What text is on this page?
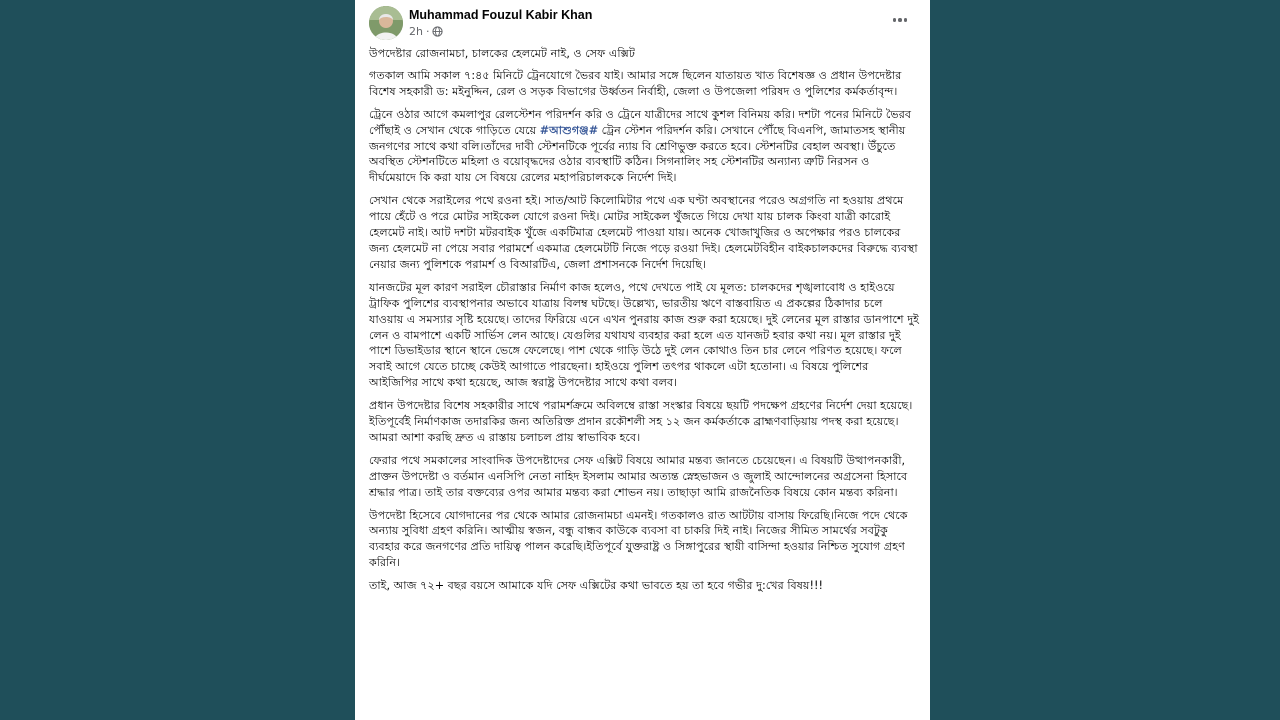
Muhammad Fouzul Kabir Khan
2h ·

উপদেষ্টার রোজনামচা, চালকের হেলমেট নাই, ও সেফ এক্সিট

গতকাল আমি সকাল ৭:৪৫ মিনিটে ট্রেনযোগে ভৈরব যাই। আমার সঙ্গে ছিলেন যাতায়ত খাত বিশেষজ্ঞ ও প্রধান উপদেষ্টার বিশেষ সহকারী ড: মইনুদ্দিন, রেল ও সড়ক বিভাগের উর্ধ্বতন নির্বাহী, জেলা ও উপজেলা পরিষদ ও পুলিশের কর্মকর্তাবৃন্দ।

ট্রেনে ওঠার আগে কমলাপুর রেলস্টেশন পরিদর্শন করি ও ট্রেনে যাত্রীদের সাথে কুশল বিনিময় করি। দশটা পনের মিনিটে ভৈরব পৌঁছাই ও সেখান থেকে গাড়িতে যেয়ে #আশুগঞ্জ# ট্রেন স্টেশন পরিদর্শন করি। সেখানে পৌঁছে বিএনপি, জামাতসহ স্থানীয় জনগণের সাথে কথা বলি।তাঁদের দাবী স্টেশনটিকে পূর্বের ন্যায় বি শ্রেণিভুক্ত করতে হবে। স্টেশনটির বেহাল অবস্থা। উঁচুতে অবস্থিত স্টেশনটিতে মহিলা ও বয়োবৃদ্ধদের ওঠার ব্যবস্থাটি কঠিন। সিগনালিং সহ স্টেশনটির অন্যান্য ত্রুটি নিরসন ও দীর্ঘমেয়াদে কি করা যায় সে বিষয়ে রেলের মহাপরিচালককে নির্দেশ দিই।

সেখান থেকে সরাইলের পথে রওনা হই। সাত/আট কিলোমিটার পথে এক ঘণ্টা অবস্থানের পরেও অগ্রগতি না হওয়ায় প্রথমে পায়ে হেঁটে ও পরে মোটর সাইকেল যোগে রওনা দিই। মোটর সাইকেল খুঁজতে গিয়ে দেখা যায় চালক কিংবা যাত্রী কারোই হেলমেট নাই। আট দশটা মটরবাইক খুঁজে একটিমাত্র হেলমেট পাওয়া যায়। অনেক খোজাখুজির ও অপেক্ষার পরও চালকের জন্য হেলমেট না পেয়ে সবার পরামর্শে একমাত্র হেলমেটটি নিজে পড়ে রওয়া দিই। হেলমেটবিহীন বাইকচালকদের বিরুদ্ধে ব্যবস্থা নেয়ার জন্য পুলিশকে পরামর্শ ও বিআরটিএ, জেলা প্রশাসনকে নির্দেশ দিয়েছি।

যানজটের মূল কারণ সরাইল চৌরাস্তার নির্মাণ কাজ হলেও, পথে দেখতে পাই যে মূলত: চালকদের শৃঙ্খলাবোধ ও হাইওয়ে ট্রাফিক পুলিশের ব্যবস্থাপনার অভাবে যাত্রায় বিলম্ব ঘটছে। উল্লেখ্য, ভারতীয় ঋণে বাস্তবায়িত এ প্রকল্পের ঠিকাদার চলে যাওয়ায় এ সমস্যার সৃষ্টি হয়েছে। তাদের ফিরিয়ে এনে এখন পুনরায় কাজ শুরু করা হয়েছে। দুই লেনের মূল রাস্তার ডানপাশে দুই লেন ও বামপাশে একটি সার্ভিস লেন আছে। যেগুলির যথাযথ ব্যবহার করা হলে এত যানজট হবার কথা নয়। মূল রাস্তার দুই পাশে ডিভাইডার স্থানে স্থানে ভেঙ্গে ফেলেছে। পাশ থেকে গাড়ি উঠে দুই লেন কোথাও তিন চার লেনে পরিণত হয়েছে। ফলে সবাই আগে যেতে চাচ্ছে কেউই আগাতে পারছেনা। হাইওয়ে পুলিশ তৎপর থাকলে এটা হতোনা। এ বিষয়ে পুলিশের আইজিপির সাথে কথা হয়েছে, আজ স্বরাষ্ট্র উপদেষ্টার সাথে কথা বলব।

প্রধান উপদেষ্টার বিশেষ সহকারীর সাথে পরামর্শক্রমে অবিলম্বে রাস্তা সংস্কার বিষয়ে ছয়টি পদক্ষেপ গ্রহণের নির্দেশ দেয়া হয়েছে। ইতিপূর্বেই নির্মাণকাজ তদারকির জন্য অতিরিক্ত প্রদান রকৌশলী সহ ১২ জন কর্মকর্তাকে ব্রাহ্মণবাড়িয়ায় পদস্থ করা হয়েছে। আমরা আশা করছি দ্রুত এ রাস্তায় চলাচল প্রায় স্বাভাবিক হবে।

ফেরার পথে সমকালের সাংবাদিক উপদেষ্টাদের সেফ এক্সিট বিষয়ে আমার মন্তব্য জানতে চেয়েছেন। এ বিষয়টি উত্থাপনকারী, প্রাক্তন উপদেষ্টা ও বর্তমান এনসিপি নেতা নাহিদ ইসলাম আমার অত্যন্ত স্নেহভাজন ও জুলাই আন্দোলনের অগ্রসেনা হিসাবে শ্রদ্ধার পাত্র। তাই তার বক্তব্যের ওপর আমার মন্তব্য করা শোভন নয়। তাছাড়া আমি রাজনৈতিক বিষয়ে কোন মন্তব্য করিনা।

উপদেষ্টা হিসেবে যোগদানের পর থেকে আমার রোজনামচা এমনই। গতকালও রাত আটটায় বাসায় ফিরেছি।নিজে পদে থেকে অন্যায় সুবিধা গ্রহণ করিনি। আত্মীয় স্বজন, বন্ধু বান্ধব কাউকে ব্যবসা বা চাকরি দিই নাই। নিজের সীমিত সামর্থের সবটুকু ব্যবহার করে জনগণের প্রতি দায়িত্ব পালন করেছি।ইতিপূর্বে যুক্তরাষ্ট্র ও সিঙ্গাপুরের স্থায়ী বাসিন্দা হওয়ার নিশ্চিত সুযোগ গ্রহণ করিনি।

তাই, আজ ৭২+ বছর বয়সে আমাকে যদি সেফ এক্সিটের কথা ভাবতে হয় তা হবে গভীর দু:খের বিষয়!!!
